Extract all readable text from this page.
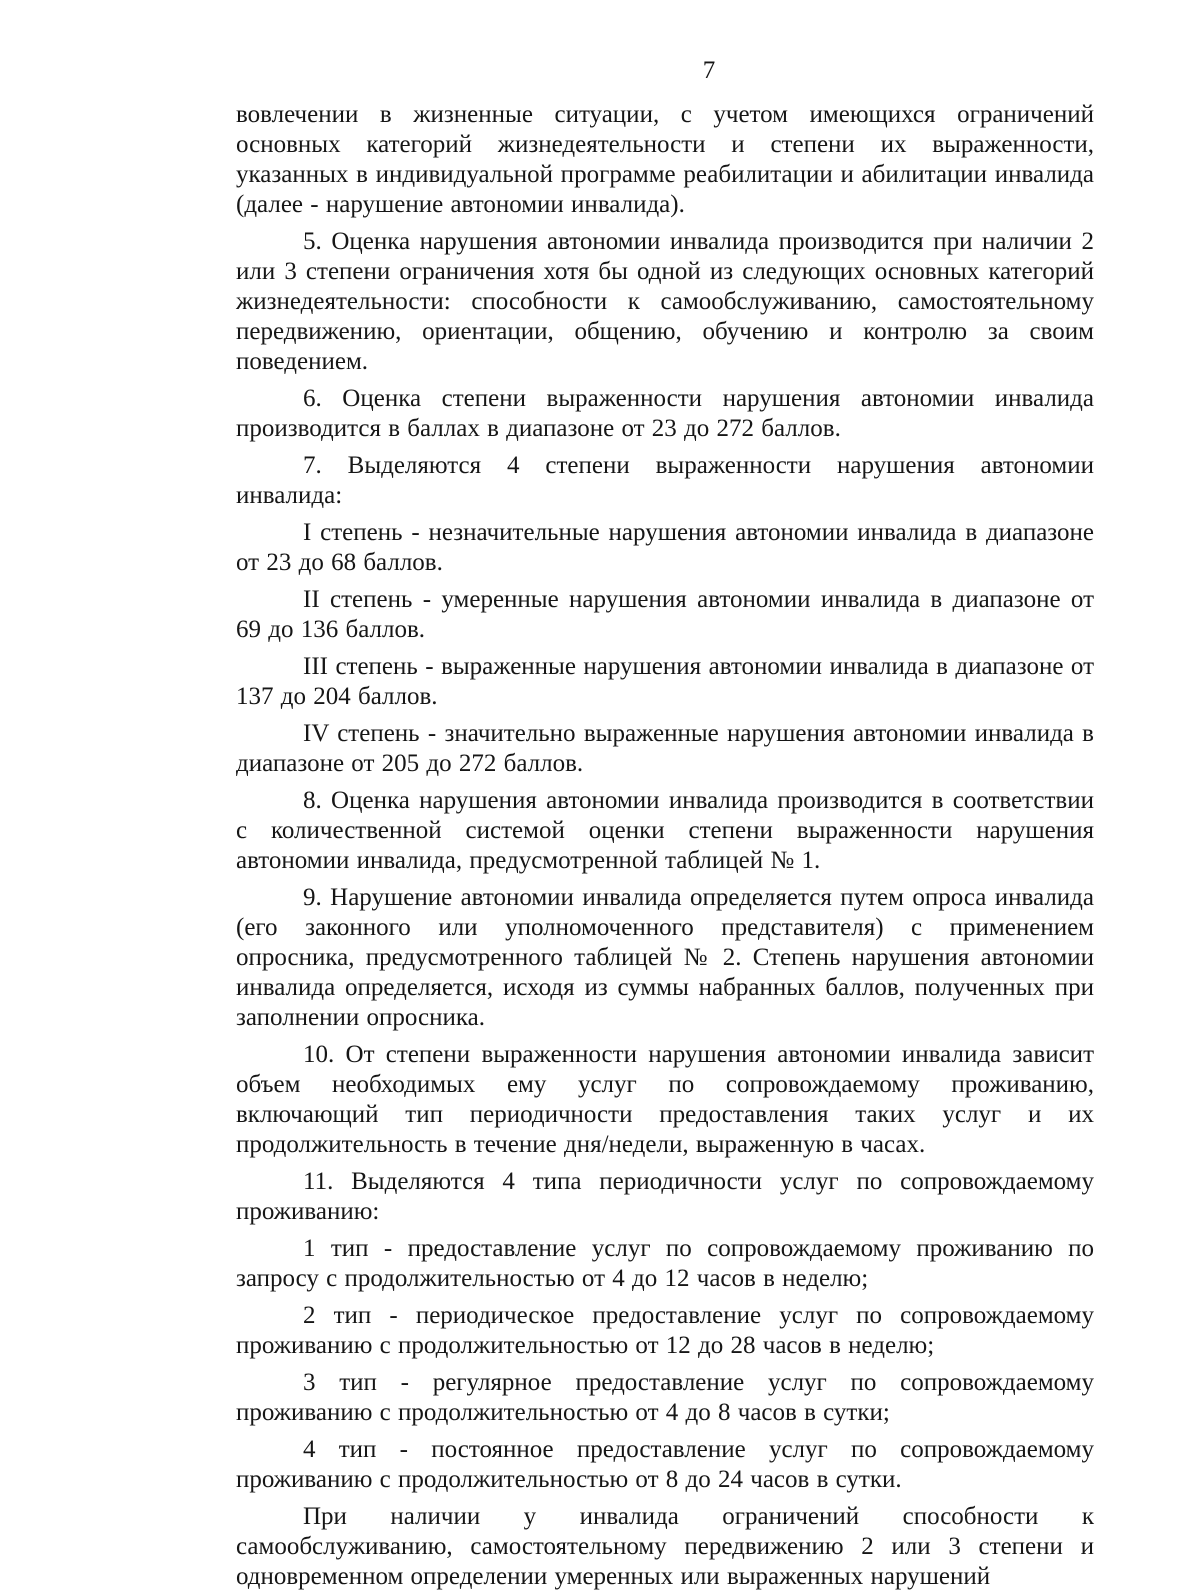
7

вовлечении в жизненные ситуации, с учетом имеющихся ограничений основных категорий жизнедеятельности и степени их выраженности, указанных в индивидуальной программе реабилитации и абилитации инвалида (далее - нарушение автономии инвалида).

5. Оценка нарушения автономии инвалида производится при наличии 2 или 3 степени ограничения хотя бы одной из следующих основных категорий жизнедеятельности: способности к самообслуживанию, самостоятельному передвижению, ориентации, общению, обучению и контролю за своим поведением.

6. Оценка степени выраженности нарушения автономии инвалида производится в баллах в диапазоне от 23 до 272 баллов.

7. Выделяются 4 степени выраженности нарушения автономии инвалида:

I степень - незначительные нарушения автономии инвалида в диапазоне от 23 до 68 баллов.

II степень - умеренные нарушения автономии инвалида в диапазоне от 69 до 136 баллов.

III степень - выраженные нарушения автономии инвалида в диапазоне от 137 до 204 баллов.

IV степень - значительно выраженные нарушения автономии инвалида в диапазоне от 205 до 272 баллов.

8. Оценка нарушения автономии инвалида производится в соответствии с количественной системой оценки степени выраженности нарушения автономии инвалида, предусмотренной таблицей № 1.

9. Нарушение автономии инвалида определяется путем опроса инвалида (его законного или уполномоченного представителя) с применением опросника, предусмотренного таблицей № 2. Степень нарушения автономии инвалида определяется, исходя из суммы набранных баллов, полученных при заполнении опросника.

10. От степени выраженности нарушения автономии инвалида зависит объем необходимых ему услуг по сопровождаемому проживанию, включающий тип периодичности предоставления таких услуг и их продолжительность в течение дня/недели, выраженную в часах.

11. Выделяются 4 типа периодичности услуг по сопровождаемому проживанию:

1 тип - предоставление услуг по сопровождаемому проживанию по запросу с продолжительностью от 4 до 12 часов в неделю;

2 тип - периодическое предоставление услуг по сопровождаемому проживанию с продолжительностью от 12 до 28 часов в неделю;

3 тип - регулярное предоставление услуг по сопровождаемому проживанию с продолжительностью от 4 до 8 часов в сутки;

4 тип - постоянное предоставление услуг по сопровождаемому проживанию с продолжительностью от 8 до 24 часов в сутки.

При наличии у инвалида ограничений способности к самообслуживанию, самостоятельному передвижению 2 или 3 степени и одновременном определении умеренных или выраженных нарушений
